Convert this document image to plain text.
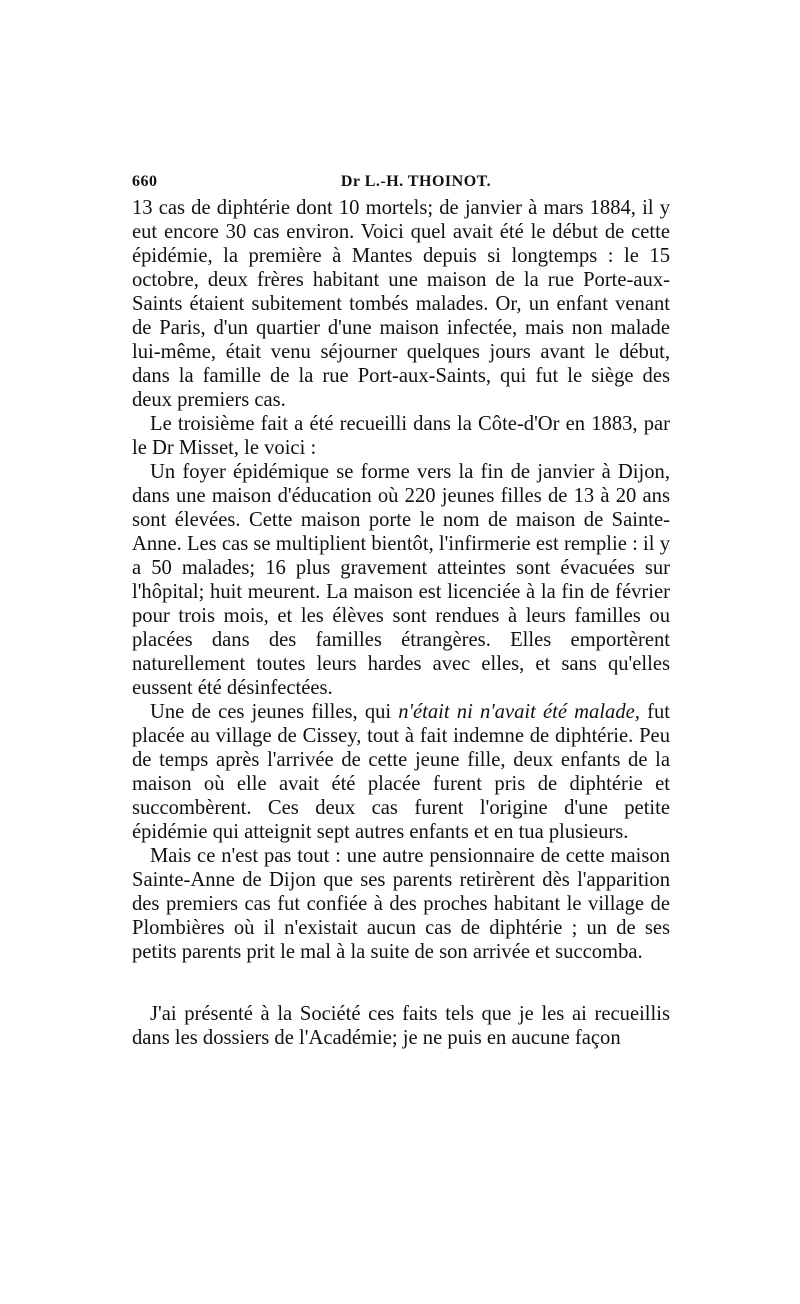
660	Dr L.-H. THOINOT.

13 cas de diphtérie dont 10 mortels; de janvier à mars 1884, il y eut encore 30 cas environ. Voici quel avait été le début de cette épidémie, la première à Mantes depuis si longtemps : le 15 octobre, deux frères habitant une maison de la rue Porte-aux-Saints étaient subitement tombés malades. Or, un enfant venant de Paris, d'un quartier d'une maison infectée, mais non malade lui-même, était venu séjourner quelques jours avant le début, dans la famille de la rue Port-aux-Saints, qui fut le siège des deux premiers cas.

Le troisième fait a été recueilli dans la Côte-d'Or en 1883, par le Dr Misset, le voici :

Un foyer épidémique se forme vers la fin de janvier à Dijon, dans une maison d'éducation où 220 jeunes filles de 13 à 20 ans sont élevées. Cette maison porte le nom de maison de Sainte-Anne. Les cas se multiplient bientôt, l'infirmerie est remplie : il y a 50 malades; 16 plus gravement atteintes sont évacuées sur l'hôpital; huit meurent. La maison est licenciée à la fin de février pour trois mois, et les élèves sont rendues à leurs familles ou placées dans des familles étrangères. Elles emportèrent naturellement toutes leurs hardes avec elles, et sans qu'elles eussent été désinfectées.

Une de ces jeunes filles, qui n'était ni n'avait été malade, fut placée au village de Cissey, tout à fait indemne de diphtérie. Peu de temps après l'arrivée de cette jeune fille, deux enfants de la maison où elle avait été placée furent pris de diphtérie et succombèrent. Ces deux cas furent l'origine d'une petite épidémie qui atteignit sept autres enfants et en tua plusieurs.

Mais ce n'est pas tout : une autre pensionnaire de cette maison Sainte-Anne de Dijon que ses parents retirèrent dès l'apparition des premiers cas fut confiée à des proches habitant le village de Plombières où il n'existait aucun cas de diphtérie ; un de ses petits parents prit le mal à la suite de son arrivée et succomba.

J'ai présenté à la Société ces faits tels que je les ai recueillis dans les dossiers de l'Académie; je ne puis en aucune façon
